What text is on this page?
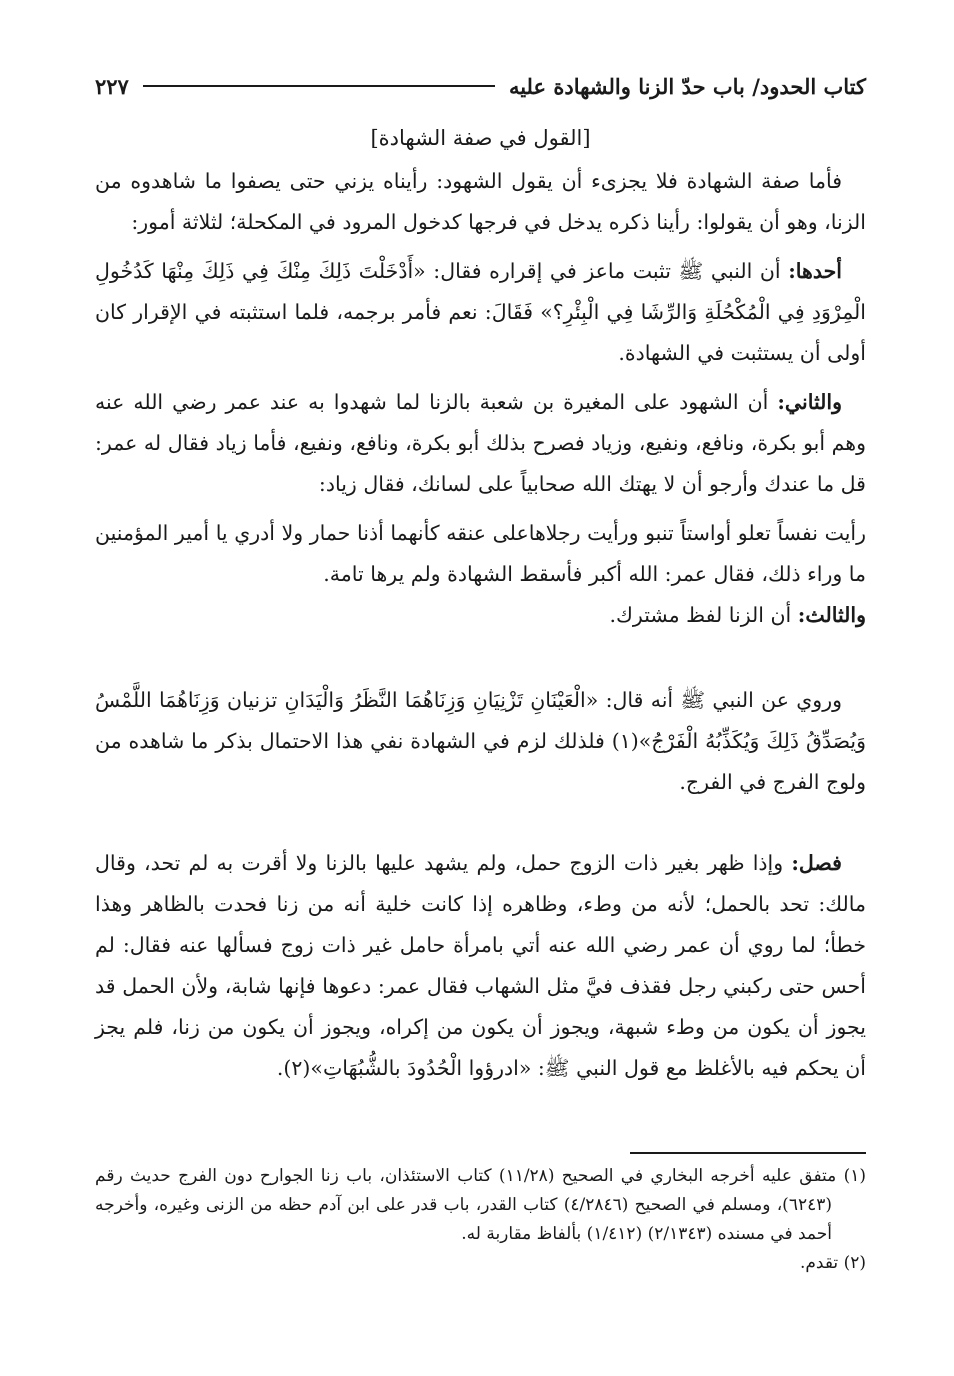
كتاب الحدود/ باب حدّ الزنا والشهادة عليه
٢٢٧

[القول في صفة الشهادة]

فأما صفة الشهادة فلا يجزىء أن يقول الشهود: رأيناه يزني حتى يصفوا ما شاهدوه من الزنا، وهو أن يقولوا: رأينا ذكره يدخل في فرجها كدخول المرود في المكحلة؛ لثلاثة أمور:

أحدها: أن النبي ﷺ تثبت ماعز في إقراره فقال: «أَدْخَلْتَ ذَلِكَ مِنْكَ فِي ذَلِكَ مِنْهَا كَدُخُولِ الْمِرْوَدِ فِي الْمُكْحُلَةِ وَالرِّشَا فِي الْبِئْرِ؟» فَقَالَ: نعم فأمر برجمه، فلما استثبته في الإقرار كان أولى أن يستثبت في الشهادة.

والثاني: أن الشهود على المغيرة بن شعبة بالزنا لما شهدوا به عند عمر رضي الله عنه وهم أبو بكرة، ونافع، ونفيع، وزياد فصرح بذلك أبو بكرة، ونافع، ونفيع، فأما زياد فقال له عمر: قل ما عندك وأرجو أن لا يهتك الله صحابياً على لسانك، فقال زياد:

رأيت نفساً تعلو أواستاً تنبو ورأيت رجلاهاعلى عنقه كأنهما أذنا حمار ولا أدري يا أمير المؤمنين ما وراء ذلك، فقال عمر: الله أكبر فأسقط الشهادة ولم يرها تامة.

والثالث: أن الزنا لفظ مشترك.

وروي عن النبي ﷺ أنه قال: «الْعَيْنَانِ تَزْنِيَانِ وَزِنَاهُمَا النَّظَرُ وَالْيَدَانِ تزنيان وَزِنَاهُمَا اللَّمْسُ وَيُصَدِّقُ ذَلِكَ وَيُكَذِّبُهُ الْفَرْجُ»(١) فلذلك لزم في الشهادة نفي هذا الاحتمال بذكر ما شاهده من ولوج الفرج في الفرج.

فصل: وإذا ظهر بغير ذات الزوج حمل، ولم يشهد عليها بالزنا ولا أقرت به لم تحد، وقال مالك: تحد بالحمل؛ لأنه من وطء، وظاهره إذا كانت خلية أنه من زنا فحدت بالظاهر وهذا خطأ؛ لما روي أن عمر رضي الله عنه أتي بامرأة حامل غير ذات زوج فسألها عنه فقال: لم أحس حتى ركبني رجل فقذف فيَّ مثل الشهاب فقال عمر: دعوها فإنها شابة، ولأن الحمل قد يجوز أن يكون من وطء شبهة، ويجوز أن يكون من إكراه، ويجوز أن يكون من زنا، فلم يجز أن يحكم فيه بالأغلظ مع قول النبي ﷺ: «ادرؤوا الْحُدُودَ بالشُّبُهَاتِ»(٢).

(١) متفق عليه أخرجه البخاري في الصحيح (١١/٢٨) كتاب الاستئذان، باب زنا الجوارح دون الفرج حديث رقم (٦٢٤٣)، ومسلم في الصحيح (٤/٢٨٤٦) كتاب القدر، باب قدر على ابن آدم حظه من الزنى وغيره، وأخرجه أحمد في مسنده (٢/١٣٤٣) (١/٤١٢) بألفاظ مقاربة له.

(٢) تقدم.
